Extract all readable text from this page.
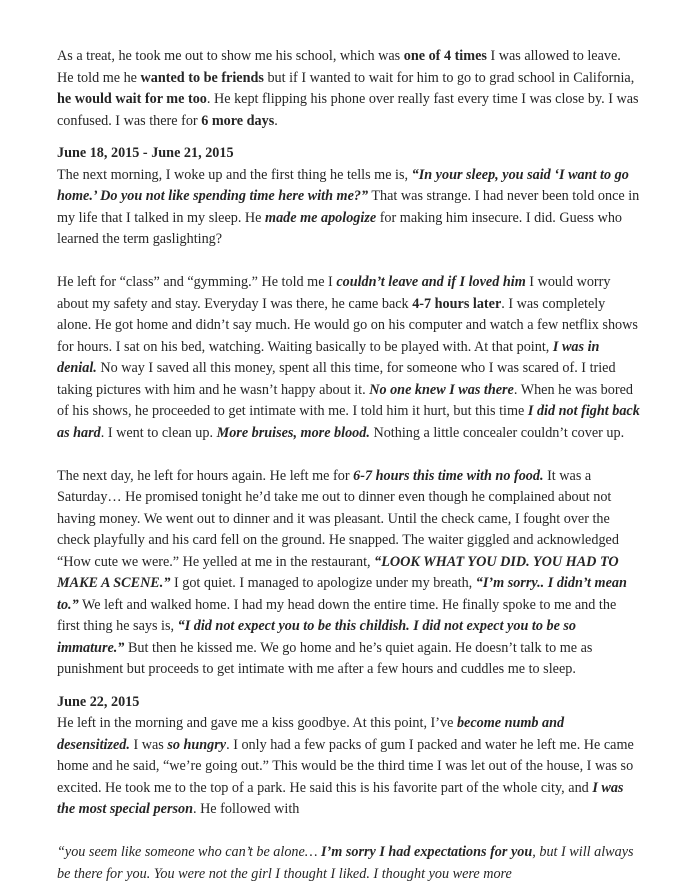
As a treat, he took me out to show me his school, which was one of 4 times I was allowed to leave. He told me he wanted to be friends but if I wanted to wait for him to go to grad school in California, he would wait for me too. He kept flipping his phone over really fast every time I was close by. I was confused. I was there for 6 more days.

June 18, 2015 - June 21, 2015

The next morning, I woke up and the first thing he tells me is, “In your sleep, you said ‘I want to go home.’ Do you not like spending time here with me?” That was strange. I had never been told once in my life that I talked in my sleep. He made me apologize for making him insecure. I did. Guess who learned the term gaslighting?

He left for “class” and “gymming.” He told me I couldn’t leave and if I loved him I would worry about my safety and stay. Everyday I was there, he came back 4-7 hours later. I was completely alone. He got home and didn’t say much. He would go on his computer and watch a few netflix shows for hours. I sat on his bed, watching. Waiting basically to be played with. At that point, I was in denial. No way I saved all this money, spent all this time, for someone who I was scared of. I tried taking pictures with him and he wasn’t happy about it. No one knew I was there. When he was bored of his shows, he proceeded to get intimate with me. I told him it hurt, but this time I did not fight back as hard. I went to clean up. More bruises, more blood. Nothing a little concealer couldn’t cover up.

The next day, he left for hours again. He left me for 6-7 hours this time with no food. It was a Saturday… He promised tonight he’d take me out to dinner even though he complained about not having money. We went out to dinner and it was pleasant. Until the check came, I fought over the check playfully and his card fell on the ground. He snapped. The waiter giggled and acknowledged “How cute we were.” He yelled at me in the restaurant, “LOOK WHAT YOU DID. YOU HAD TO MAKE A SCENE.” I got quiet. I managed to apologize under my breath, “I’m sorry.. I didn’t mean to.” We left and walked home. I had my head down the entire time. He finally spoke to me and the first thing he says is, “I did not expect you to be this childish. I did not expect you to be so immature.” But then he kissed me. We go home and he’s quiet again. He doesn’t talk to me as punishment but proceeds to get intimate with me after a few hours and cuddles me to sleep.

June 22, 2015

He left in the morning and gave me a kiss goodbye. At this point, I’ve become numb and desensitized. I was so hungry. I only had a few packs of gum I packed and water he left me. He came home and he said, “we’re going out.” This would be the third time I was let out of the house, I was so excited. He took me to the top of a park. He said this is his favorite part of the whole city, and I was the most special person. He followed with

“you seem like someone who can’t be alone… I’m sorry I had expectations for you, but I will always be there for you. You were not the girl I thought I liked. I thought you were more
